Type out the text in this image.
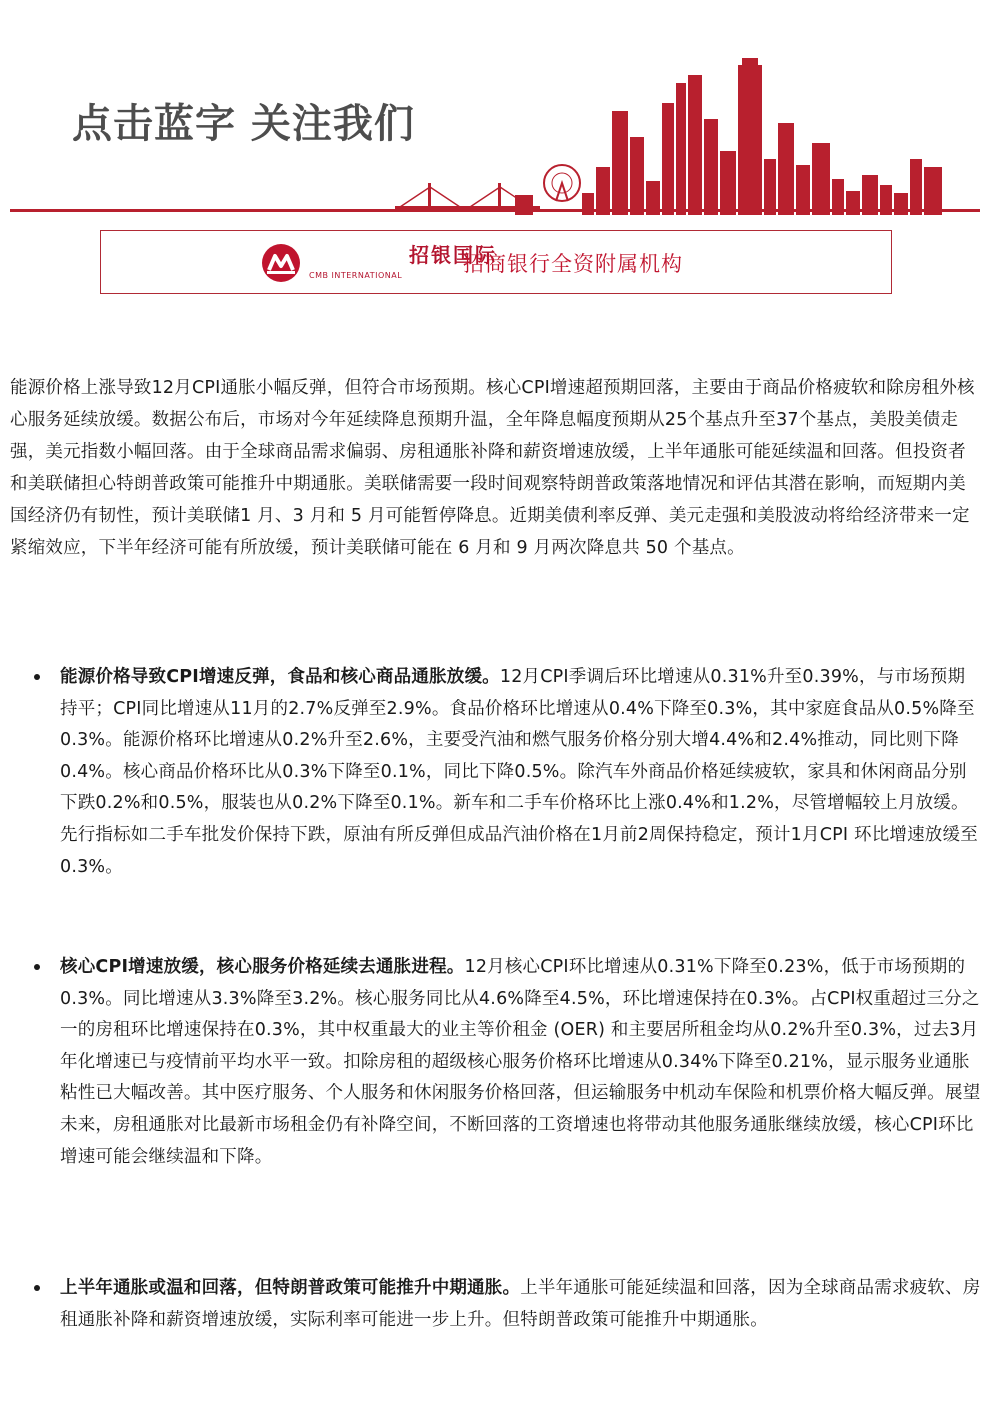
点击蓝字 关注我们
招银国际
CMB INTERNATIONAL	招商银行全资附属机构

能源价格上涨导致12月CPI通胀小幅反弹，但符合市场预期。核心CPI增速超预期回落，主要由于商品价格疲软和除房租外核心服务延续放缓。数据公布后，市场对今年延续降息预期升温，全年降息幅度预期从25个基点升至37个基点，美股美债走强，美元指数小幅回落。由于全球商品需求偏弱、房租通胀补降和薪资增速放缓，上半年通胀可能延续温和回落。但投资者和美联储担心特朗普政策可能推升中期通胀。美联储需要一段时间观察特朗普政策落地情况和评估其潜在影响，而短期内美国经济仍有韧性，预计美联储1 月、3 月和 5 月可能暂停降息。近期美债利率反弹、美元走强和美股波动将给经济带来一定紧缩效应，下半年经济可能有所放缓，预计美联储可能在 6 月和 9 月两次降息共 50 个基点。

能源价格导致CPI增速反弹，食品和核心商品通胀放缓。12月CPI季调后环比增速从0.31%升至0.39%，与市场预期持平；CPI同比增速从11月的2.7%反弹至2.9%。食品价格环比增速从0.4%下降至0.3%，其中家庭食品从0.5%降至0.3%。能源价格环比增速从0.2%升至2.6%，主要受汽油和燃气服务价格分别大增4.4%和2.4%推动，同比则下降0.4%。核心商品价格环比从0.3%下降至0.1%，同比下降0.5%。除汽车外商品价格延续疲软，家具和休闲商品分别下跌0.2%和0.5%，服装也从0.2%下降至0.1%。新车和二手车价格环比上涨0.4%和1.2%，尽管增幅较上月放缓。先行指标如二手车批发价保持下跌，原油有所反弹但成品汽油价格在1月前2周保持稳定，预计1月CPI 环比增速放缓至0.3%。

核心CPI增速放缓，核心服务价格延续去通胀进程。12月核心CPI环比增速从0.31%下降至0.23%，低于市场预期的0.3%。同比增速从3.3%降至3.2%。核心服务同比从4.6%降至4.5%，环比增速保持在0.3%。占CPI权重超过三分之一的房租环比增速保持在0.3%，其中权重最大的业主等价租金 (OER) 和主要居所租金均从0.2%升至0.3%，过去3月年化增速已与疫情前平均水平一致。扣除房租的超级核心服务价格环比增速从0.34%下降至0.21%，显示服务业通胀粘性已大幅改善。其中医疗服务、个人服务和休闲服务价格回落，但运输服务中机动车保险和机票价格大幅反弹。展望未来，房租通胀对比最新市场租金仍有补降空间，不断回落的工资增速也将带动其他服务通胀继续放缓，核心CPI环比增速可能会继续温和下降。

上半年通胀或温和回落，但特朗普政策可能推升中期通胀。上半年通胀可能延续温和回落，因为全球商品需求疲软、房租通胀补降和薪资增速放缓，实际利率可能进一步上升。但特朗普政策可能推升中期通胀。
